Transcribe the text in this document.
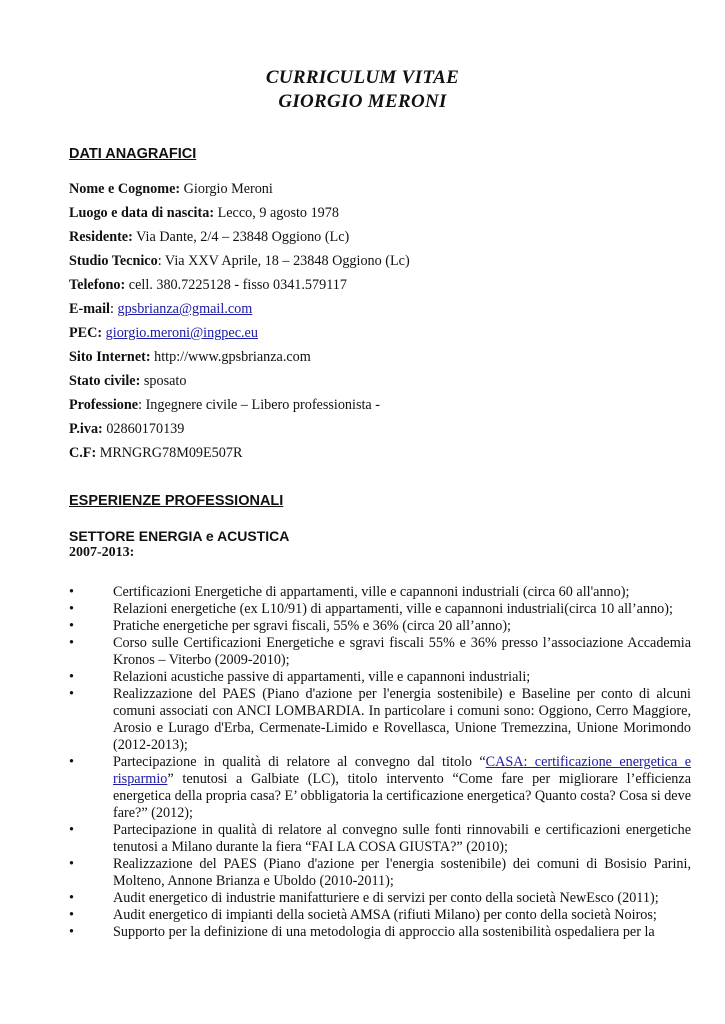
CURRICULUM VITAE
GIORGIO MERONI
DATI ANAGRAFICI
Nome e Cognome: Giorgio Meroni
Luogo e data di nascita: Lecco, 9 agosto 1978
Residente: Via Dante, 2/4 – 23848 Oggiono (Lc)
Studio Tecnico: Via XXV Aprile, 18 – 23848 Oggiono (Lc)
Telefono: cell. 380.7225128 - fisso 0341.579117
E-mail: gpsbrianza@gmail.com
PEC: giorgio.meroni@ingpec.eu
Sito Internet: http://www.gpsbrianza.com
Stato civile: sposato
Professione: Ingegnere civile – Libero professionista -
P.iva: 02860170139
C.F: MRNGRG78M09E507R
ESPERIENZE PROFESSIONALI
SETTORE ENERGIA e ACUSTICA
2007-2013:
•	Certificazioni Energetiche di appartamenti, ville e capannoni industriali (circa 60 all'anno);
•	Relazioni energetiche (ex L10/91) di appartamenti, ville e capannoni industriali(circa 10 all’anno);
•	Pratiche energetiche per sgravi fiscali, 55% e 36% (circa 20 all’anno);
•	Corso sulle Certificazioni Energetiche e sgravi fiscali 55% e 36% presso l’associazione Accademia Kronos – Viterbo (2009-2010);
•	Relazioni acustiche passive di appartamenti, ville e capannoni industriali;
•	Realizzazione del PAES (Piano d'azione per l'energia sostenibile) e Baseline per conto di alcuni comuni associati con ANCI LOMBARDIA. In particolare i comuni sono: Oggiono, Cerro Maggiore, Arosio e Lurago d'Erba, Cermenate-Limido e Rovellasca, Unione Tremezzina, Unione Morimondo (2012-2013);
•	Partecipazione in qualità di relatore al convegno dal titolo “CASA: certificazione energetica e risparmio” tenutosi a Galbiate (LC), titolo intervento “Come fare per migliorare l’efficienza energetica della propria casa? E’ obbligatoria la certificazione energetica? Quanto costa? Cosa si deve fare?” (2012);
•	Partecipazione in qualità di relatore al convegno sulle fonti rinnovabili e certificazioni energetiche tenutosi a Milano durante la fiera “FAI LA COSA GIUSTA?” (2010);
•	Realizzazione del PAES (Piano d'azione per l'energia sostenibile) dei comuni di Bosisio Parini, Molteno, Annone Brianza e Uboldo (2010-2011);
•	Audit energetico di industrie manifatturiere e di servizi per conto della società NewEsco (2011);
•	Audit energetico di impianti della società AMSA (rifiuti Milano) per conto della società Noiros;
•	Supporto per la definizione di una metodologia di approccio alla sostenibilità ospedaliera per la
